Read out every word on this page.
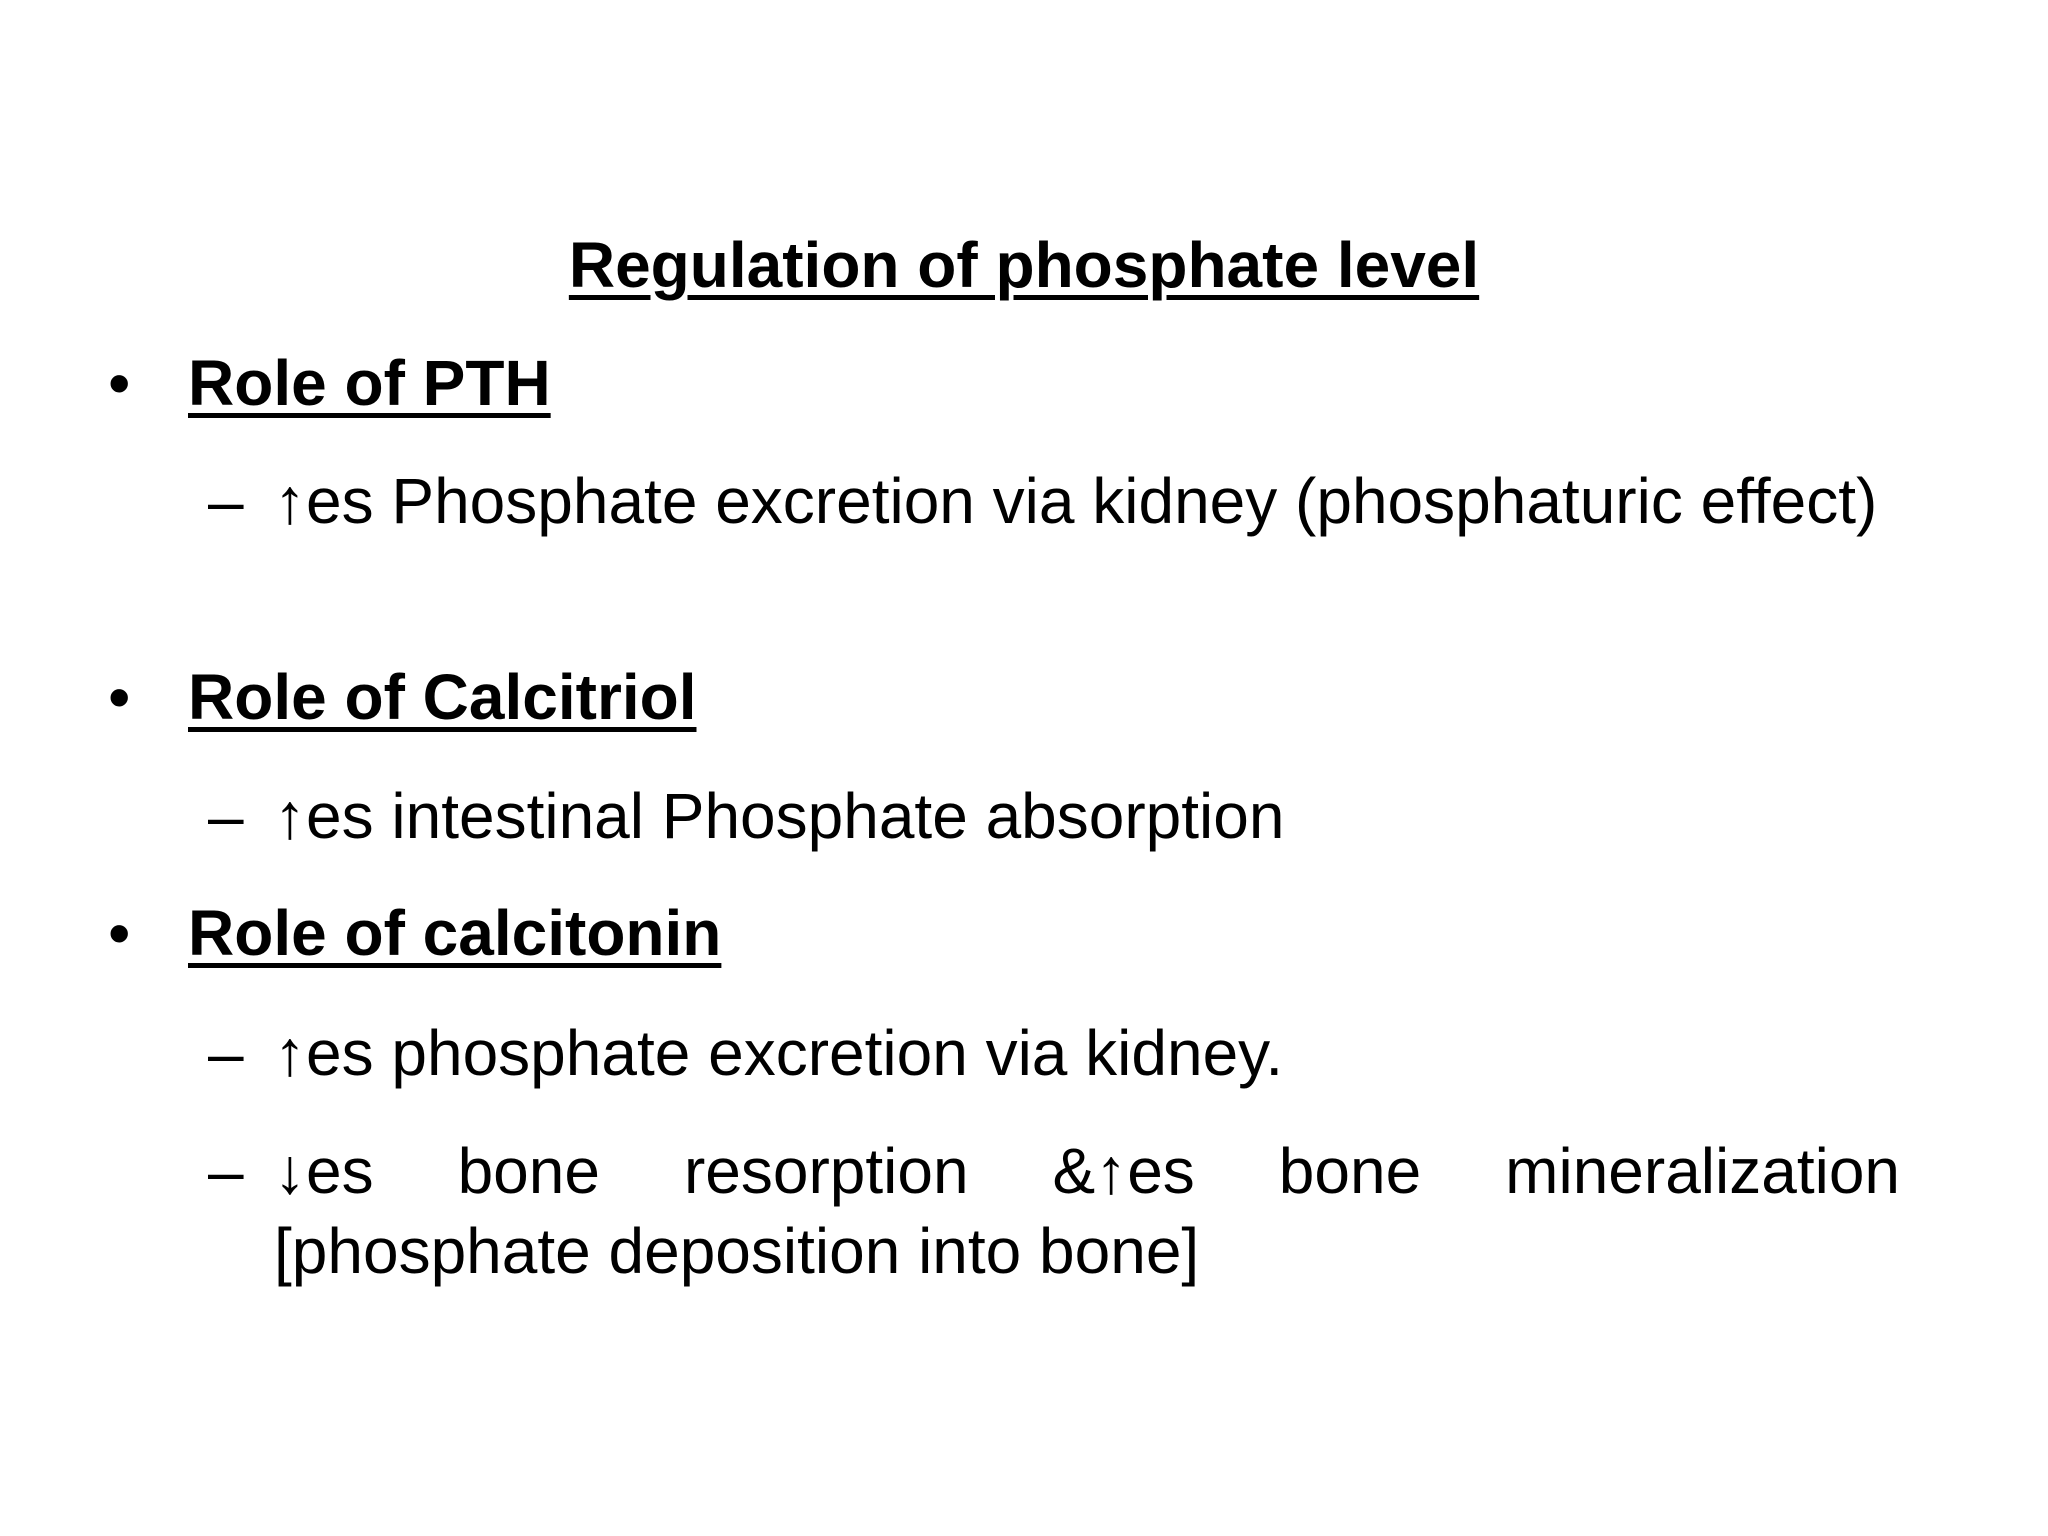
Regulation of phosphate level
• Role of PTH
– ↑es Phosphate excretion via kidney (phosphaturic effect)
• Role of Calcitriol
– ↑es intestinal Phosphate absorption
• Role of calcitonin
– ↑es phosphate excretion via kidney.
– ↓es bone resorption &↑es bone mineralization [phosphate deposition into bone]
